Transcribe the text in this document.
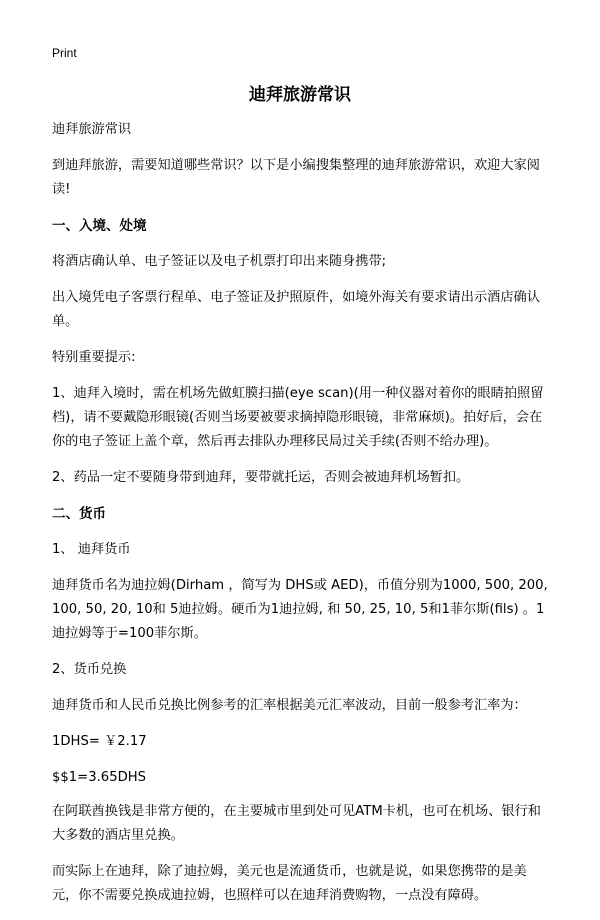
Print
迪拜旅游常识

迪拜旅游常识

到迪拜旅游，需要知道哪些常识？以下是小编搜集整理的迪拜旅游常识，欢迎大家阅读!

一、入境、处境

将酒店确认单、电子签证以及电子机票打印出来随身携带;

出入境凭电子客票行程单、电子签证及护照原件，如境外海关有要求请出示酒店确认单。

特别重要提示:

1、迪拜入境时，需在机场先做虹膜扫描(eye scan)(用一种仪器对着你的眼睛拍照留档)，请不要戴隐形眼镜(否则当场要被要求摘掉隐形眼镜，非常麻烦)。拍好后，会在你的电子签证上盖个章，然后再去排队办理移民局过关手续(否则不给办理)。

2、药品一定不要随身带到迪拜，要带就托运，否则会被迪拜机场暂扣。

二、货币

1、 迪拜货币

迪拜货币名为迪拉姆(Dirham ，简写为 DHS或 AED)，币值分别为1000, 500, 200, 100, 50, 20, 10和 5迪拉姆。硬币为1迪拉姆, 和 50, 25, 10, 5和1菲尔斯(fils) 。1迪拉姆等于=100菲尔斯。

2、货币兑换

迪拜货币和人民币兑换比例参考的汇率根据美元汇率波动，目前一般参考汇率为：

1DHS= ￥2.17

$$1=3.65DHS

在阿联酋换钱是非常方便的，在主要城市里到处可见ATM卡机，也可在机场、银行和大多数的酒店里兑换。

而实际上在迪拜，除了迪拉姆，美元也是流通货币，也就是说，如果您携带的是美元，你不需要兑换成迪拉姆，也照样可以在迪拜消费购物，一点没有障碍。
